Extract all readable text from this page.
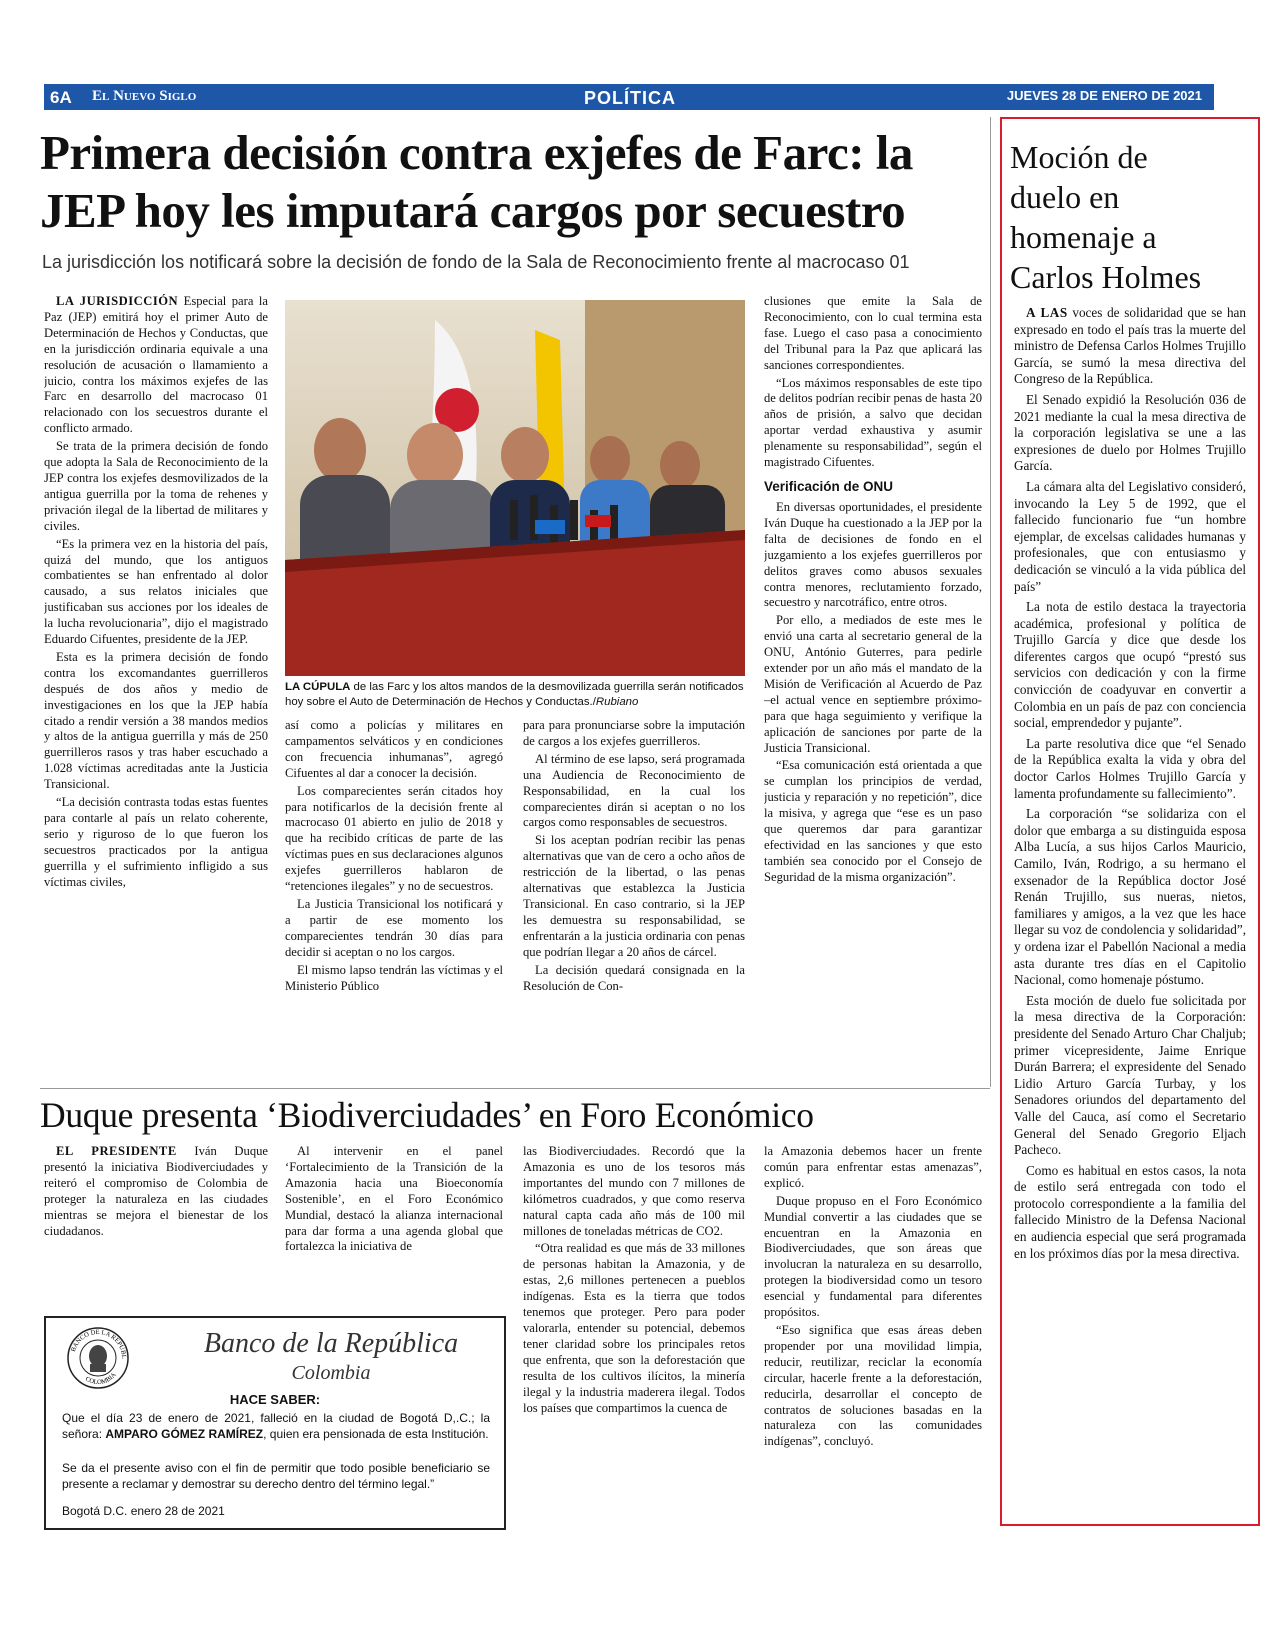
6A El Nuevo Siglo	POLÍTICA	JUEVES 28 DE ENERO DE 2021
Primera decisión contra exjefes de Farc: la
JEP hoy les imputará cargos por secuestro
La jurisdicción los notificará sobre la decisión de fondo de la Sala de Reconocimiento frente al macrocaso 01
LA JURISDICCIÓN Especial para la Paz (JEP) emitirá hoy el primer Auto de Determinación de Hechos y Conductas, que en la jurisdicción ordinaria equivale a una resolución de acusación o llamamiento a juicio, contra los máximos exjefes de las Farc en desarrollo del macrocaso 01 relacionado con los secuestros durante el conflicto armado.
Se trata de la primera decisión de fondo que adopta la Sala de Reconocimiento de la JEP contra los exjefes desmovilizados de la antigua guerrilla por la toma de rehenes y privación ilegal de la libertad de militares y civiles.
“Es la primera vez en la historia del país, quizá del mundo, que los antiguos combatientes se han enfrentado al dolor causado, a sus relatos iniciales que justificaban sus acciones por los ideales de la lucha revolucionaria”, dijo el magistrado Eduardo Cifuentes, presidente de la JEP.
Esta es la primera decisión de fondo contra los excomandantes guerrilleros después de dos años y medio de investigaciones en los que la JEP había citado a rendir versión a 38 mandos medios y altos de la antigua guerrilla y más de 250 guerrilleros rasos y tras haber escuchado a 1.028 víctimas acreditadas ante la Justicia Transicional.
“La decisión contrasta todas estas fuentes para contarle al país un relato coherente, serio y riguroso de lo que fueron los secuestros practicados por la antigua guerrilla y el sufrimiento infligido a sus víctimas civiles,
LA CÚPULA de las Farc y los altos mandos de la desmovilizada guerrilla serán notificados hoy sobre el Auto de Determinación de Hechos y Conductas./Rubiano
así como a policías y militares en campamentos selváticos y en condiciones con frecuencia inhumanas”, agregó Cifuentes al dar a conocer la decisión.
Los comparecientes serán citados hoy para notificarlos de la decisión frente al macrocaso 01 abierto en julio de 2018 y que ha recibido críticas de parte de las víctimas pues en sus declaraciones algunos exjefes guerrilleros hablaron de “retenciones ilegales” y no de secuestros.
La Justicia Transicional los notificará y a partir de ese momento los comparecientes tendrán 30 días para decidir si aceptan o no los cargos.
El mismo lapso tendrán las víctimas y el Ministerio Público
para para pronunciarse sobre la imputación de cargos a los exjefes guerrilleros.
Al término de ese lapso, será programada una Audiencia de Reconocimiento de Responsabilidad, en la cual los comparecientes dirán si aceptan o no los cargos como responsables de secuestros.
Si los aceptan podrían recibir las penas alternativas que van de cero a ocho años de restricción de la libertad, o las penas alternativas que establezca la Justicia Transicional. En caso contrario, si la JEP les demuestra su responsabilidad, se enfrentarán a la justicia ordinaria con penas que podrían llegar a 20 años de cárcel.
La decisión quedará consignada en la Resolución de Con-
clusiones que emite la Sala de Reconocimiento, con lo cual termina esta fase. Luego el caso pasa a conocimiento del Tribunal para la Paz que aplicará las sanciones correspondientes.
“Los máximos responsables de este tipo de delitos podrían recibir penas de hasta 20 años de prisión, a salvo que decidan aportar verdad exhaustiva y asumir plenamente su responsabilidad”, según el magistrado Cifuentes.
Verificación de ONU
En diversas oportunidades, el presidente Iván Duque ha cuestionado a la JEP por la falta de decisiones de fondo en el juzgamiento a los exjefes guerrilleros por delitos graves como abusos sexuales contra menores, reclutamiento forzado, secuestro y narcotráfico, entre otros.
Por ello, a mediados de este mes le envió una carta al secretario general de la ONU, António Guterres, para pedirle extender por un año más el mandato de la Misión de Verificación al Acuerdo de Paz –el actual vence en septiembre próximo- para que haga seguimiento y verifique la aplicación de sanciones por parte de la Justicia Transicional.
“Esa comunicación está orientada a que se cumplan los principios de verdad, justicia y reparación y no repetición”, dice la misiva, y agrega que “ese es un paso que queremos dar para garantizar efectividad en las sanciones y que esto también sea conocido por el Consejo de Seguridad de la misma organización”.
Duque presenta ‘Biodiverciudades’ en Foro Económico
EL PRESIDENTE Iván Duque presentó la iniciativa Biodiverciudades y reiteró el compromiso de Colombia de proteger la naturaleza en las ciudades mientras se mejora el bienestar de los ciudadanos.
Al intervenir en el panel ‘Fortalecimiento de la Transición de la Amazonia hacia una Bioeconomía Sostenible’, en el Foro Económico Mundial, destacó la alianza internacional para dar forma a una agenda global que fortalezca la iniciativa de
las Biodiverciudades. Recordó que la Amazonia es uno de los tesoros más importantes del mundo con 7 millones de kilómetros cuadrados, y que como reserva natural capta cada año más de 100 mil millones de toneladas métricas de CO2.
“Otra realidad es que más de 33 millones de personas habitan la Amazonia, y de estas, 2,6 millones pertenecen a pueblos indígenas. Esta es la tierra que todos tenemos que proteger. Pero para poder valorarla, entender su potencial, debemos tener claridad sobre los principales retos que enfrenta, que son la deforestación que resulta de los cultivos ilícitos, la minería ilegal y la industria maderera ilegal. Todos los países que compartimos la cuenca de
la Amazonia debemos hacer un frente común para enfrentar estas amenazas”, explicó.
Duque propuso en el Foro Económico Mundial convertir a las ciudades que se encuentran en la Amazonia en Biodiverciudades, que son áreas que involucran la naturaleza en su desarrollo, protegen la biodiversidad como un tesoro esencial y fundamental para diferentes propósitos.
“Eso significa que esas áreas deben propender por una movilidad limpia, reducir, reutilizar, reciclar la economía circular, hacerle frente a la deforestación, reducirla, desarrollar el concepto de contratos de soluciones basadas en la naturaleza con las comunidades indígenas”, concluyó.
BANCO DE LA REPUBL
COLOMBIA
Banco de la República
Colombia
HACE SABER:
Que el día 23 de enero de 2021, falleció en la ciudad de Bogotá D,.C.; la señora: AMPARO GÓMEZ RAMÍREZ, quien era pensionada de esta Institución.
Se da el presente aviso con el fin de permitir que todo posible beneficiario se presente a reclamar y demostrar su derecho dentro del término legal.”
Bogotá D.C. enero 28 de 2021
Moción de
duelo en
homenaje a
Carlos Holmes
A LAS voces de solidaridad que se han expresado en todo el país tras la muerte del ministro de Defensa Carlos Holmes Trujillo García, se sumó la mesa directiva del Congreso de la República.
El Senado expidió la Resolución 036 de 2021 mediante la cual la mesa directiva de la corporación legislativa se une a las expresiones de duelo por Holmes Trujillo García.
La cámara alta del Legislativo consideró, invocando la Ley 5 de 1992, que el fallecido funcionario fue “un hombre ejemplar, de excelsas calidades humanas y profesionales, que con entusiasmo y dedicación se vinculó a la vida pública del país”
La nota de estilo destaca la trayectoria académica, profesional y política de Trujillo García y dice que desde los diferentes cargos que ocupó “prestó sus servicios con dedicación y con la firme convicción de coadyuvar en convertir a Colombia en un país de paz con conciencia social, emprendedor y pujante”.
La parte resolutiva dice que “el Senado de la República exalta la vida y obra del doctor Carlos Holmes Trujillo García y lamenta profundamente su fallecimiento”.
La corporación “se solidariza con el dolor que embarga a su distinguida esposa Alba Lucía, a sus hijos Carlos Mauricio, Camilo, Iván, Rodrigo, a su hermano el exsenador de la República doctor José Renán Trujillo, sus nueras, nietos, familiares y amigos, a la vez que les hace llegar su voz de condolencia y solidaridad”, y ordena izar el Pabellón Nacional a media asta durante tres días en el Capitolio Nacional, como homenaje póstumo.
Esta moción de duelo fue solicitada por la mesa directiva de la Corporación: presidente del Senado Arturo Char Chaljub; primer vicepresidente, Jaime Enrique Durán Barrera; el expresidente del Senado Lidio Arturo García Turbay, y los Senadores oriundos del departamento del Valle del Cauca, así como el Secretario General del Senado Gregorio Eljach Pacheco.
Como es habitual en estos casos, la nota de estilo será entregada con todo el protocolo correspondiente a la familia del fallecido Ministro de la Defensa Nacional en audiencia especial que será programada en los próximos días por la mesa directiva.
